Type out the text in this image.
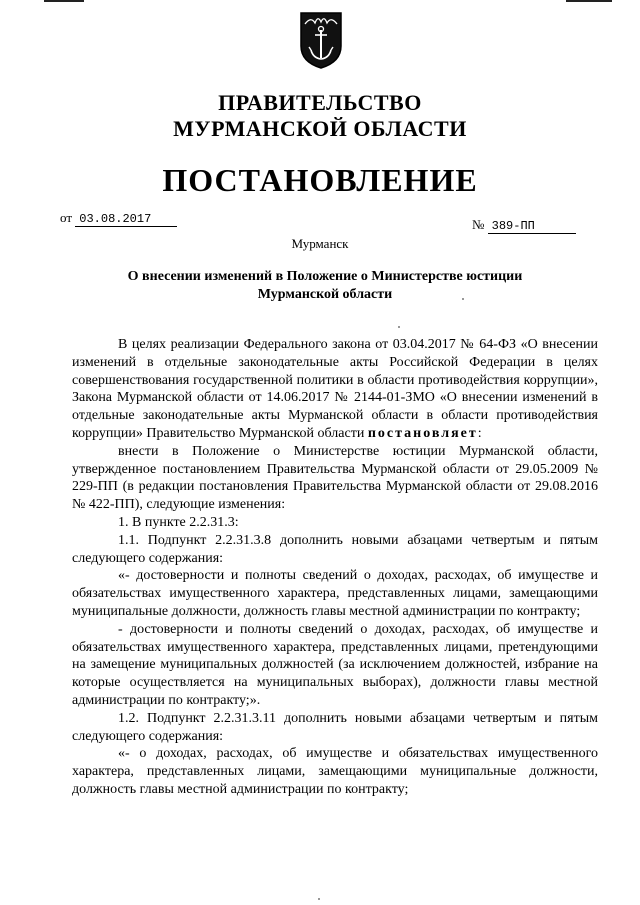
ПРАВИТЕЛЬСТВО
МУРМАНСКОЙ ОБЛАСТИ
ПОСТАНОВЛЕНИЕ
от 03.08.2017	№ 389-ПП
Мурманск
О внесении изменений в Положение о Министерстве юстиции
Мурманской области

В целях реализации Федерального закона от 03.04.2017 № 64-ФЗ «О внесении изменений в отдельные законодательные акты Российской Федерации в целях совершенствования государственной политики в области противодействия коррупции», Закона Мурманской области от 14.06.2017 № 2144-01-ЗМО «О внесении изменений в отдельные законодательные акты Мурманской области в области противодействия коррупции» Правительство Мурманской области постановляет:

внести в Положение о Министерстве юстиции Мурманской области, утвержденное постановлением Правительства Мурманской области от 29.05.2009 № 229-ПП (в редакции постановления Правительства Мурманской области от 29.08.2016 № 422-ПП), следующие изменения:

1. В пункте 2.2.31.3:

1.1. Подпункт 2.2.31.3.8 дополнить новыми абзацами четвертым и пятым следующего содержания:

«- достоверности и полноты сведений о доходах, расходах, об имуществе и обязательствах имущественного характера, представленных лицами, замещающими муниципальные должности, должность главы местной администрации по контракту;

- достоверности и полноты сведений о доходах, расходах, об имуществе и обязательствах имущественного характера, представленных лицами, претендующими на замещение муниципальных должностей (за исключением должностей, избрание на которые осуществляется на муниципальных выборах), должности главы местной администрации по контракту;».

1.2. Подпункт 2.2.31.3.11 дополнить новыми абзацами четвертым и пятым следующего содержания:

«- о доходах, расходах, об имуществе и обязательствах имущественного характера, представленных лицами, замещающими муниципальные должности, должность главы местной администрации по контракту;
